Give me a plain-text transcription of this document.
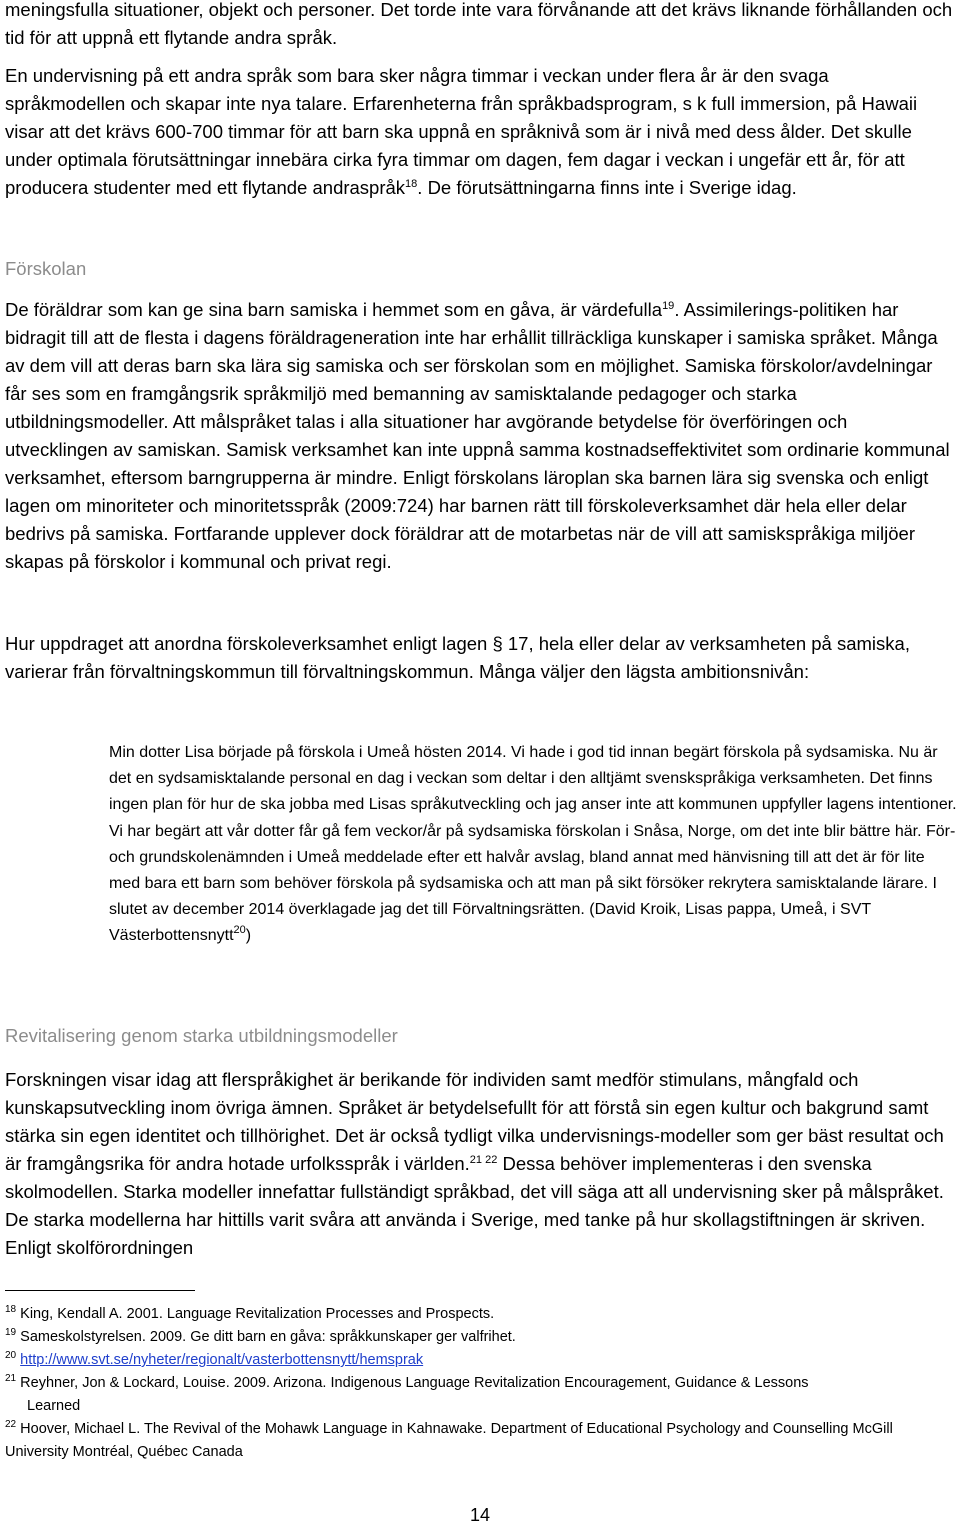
meningsfulla situationer, objekt och personer. Det torde inte vara förvånande att det krävs liknande förhållanden och tid för att uppnå ett flytande andra språk.

En undervisning på ett andra språk som bara sker några timmar i veckan under flera år är den svaga språkmodellen och skapar inte nya talare. Erfarenheterna från språkbadsprogram, s k full immersion, på Hawaii visar att det krävs 600-700 timmar för att barn ska uppnå en språknivå som är i nivå med dess ålder. Det skulle under optimala förutsättningar innebära cirka fyra timmar om dagen, fem dagar i veckan i ungefär ett år, för att producera studenter med ett flytande andraspråk$^{18}$. De förutsättningarna finns inte i Sverige idag.

Förskolan

De föräldrar som kan ge sina barn samiska i hemmet som en gåva, är värdefulla$^{19}$. Assimilerings-politiken har bidragit till att de flesta i dagens föräldrageneration inte har erhållit tillräckliga kunskaper i samiska språket. Många av dem vill att deras barn ska lära sig samiska och ser förskolan som en möjlighet. Samiska förskolor/avdelningar får ses som en framgångsrik språkmiljö med bemanning av samisktalande pedagoger och starka utbildningsmodeller. Att målspråket talas i alla situationer har avgörande betydelse för överföringen och utvecklingen av samiskan. Samisk verksamhet kan inte uppnå samma kostnadseffektivitet som ordinarie kommunal verksamhet, eftersom barngrupperna är mindre. Enligt förskolans läroplan ska barnen lära sig svenska och enligt lagen om minoriteter och minoritetsspråk (2009:724) har barnen rätt till förskoleverksamhet där hela eller delar bedrivs på samiska. Fortfarande upplever dock föräldrar att de motarbetas när de vill att samiskspråkiga miljöer skapas på förskolor i kommunal och privat regi.

Hur uppdraget att anordna förskoleverksamhet enligt lagen § 17, hela eller delar av verksamheten på samiska, varierar från förvaltningskommun till förvaltningskommun. Många väljer den lägsta ambitionsnivån:

Min dotter Lisa började på förskola i Umeå hösten 2014. Vi hade i god tid innan begärt förskola på sydsamiska. Nu är det en sydsamisktalande personal en dag i veckan som deltar i den alltjämt svenskspråkiga verksamheten. Det finns ingen plan för hur de ska jobba med Lisas språkutveckling och jag anser inte att kommunen uppfyller lagens intentioner. Vi har begärt att vår dotter får gå fem veckor/år på sydsamiska förskolan i Snåsa, Norge, om det inte blir bättre här. För- och grundskolenämnden i Umeå meddelade efter ett halvår avslag, bland annat med hänvisning till att det är för lite med bara ett barn som behöver förskola på sydsamiska och att man på sikt försöker rekrytera samisktalande lärare. I slutet av december 2014 överklagade jag det till Förvaltningsrätten. (David Kroik, Lisas pappa, Umeå, i SVT Västerbottensnytt$^{20}$)
Revitalisering genom starka utbildningsmodeller

Forskningen visar idag att flerspråkighet är berikande för individen samt medför stimulans, mångfald och kunskapsutveckling inom övriga ämnen. Språket är betydelsefullt för att förstå sin egen kultur och bakgrund samt stärka sin egen identitet och tillhörighet. Det är också tydligt vilka undervisnings-modeller som ger bäst resultat och är framgångsrika för andra hotade urfolksspråk i världen.$^{21 22}$ Dessa behöver implementeras i den svenska skolmodellen. Starka modeller innefattar fullständigt språkbad, det vill säga att all undervisning sker på målspråket. De starka modellerna har hittills varit svåra att använda i Sverige, med tanke på hur skollagstiftningen är skriven. Enligt skolförordningen

$^{18}$ King, Kendall A. 2001. Language Revitalization Processes and Prospects.

$^{19}$ Sameskolstyrelsen. 2009. Ge ditt barn en gåva: språkkunskaper ger valfrihet.

$^{20}$ http://www.svt.se/nyheter/regionalt/vasterbottensnytt/hemsprak

$^{21}$ Reyhner, Jon & Lockard, Louise. 2009. Arizona. Indigenous Language Revitalization Encouragement, Guidance & Lessons
Learned

$^{22}$ Hoover, Michael L. The Revival of the Mohawk Language in Kahnawake. Department of Educational Psychology and Counselling McGill University Montréal, Québec Canada

14
